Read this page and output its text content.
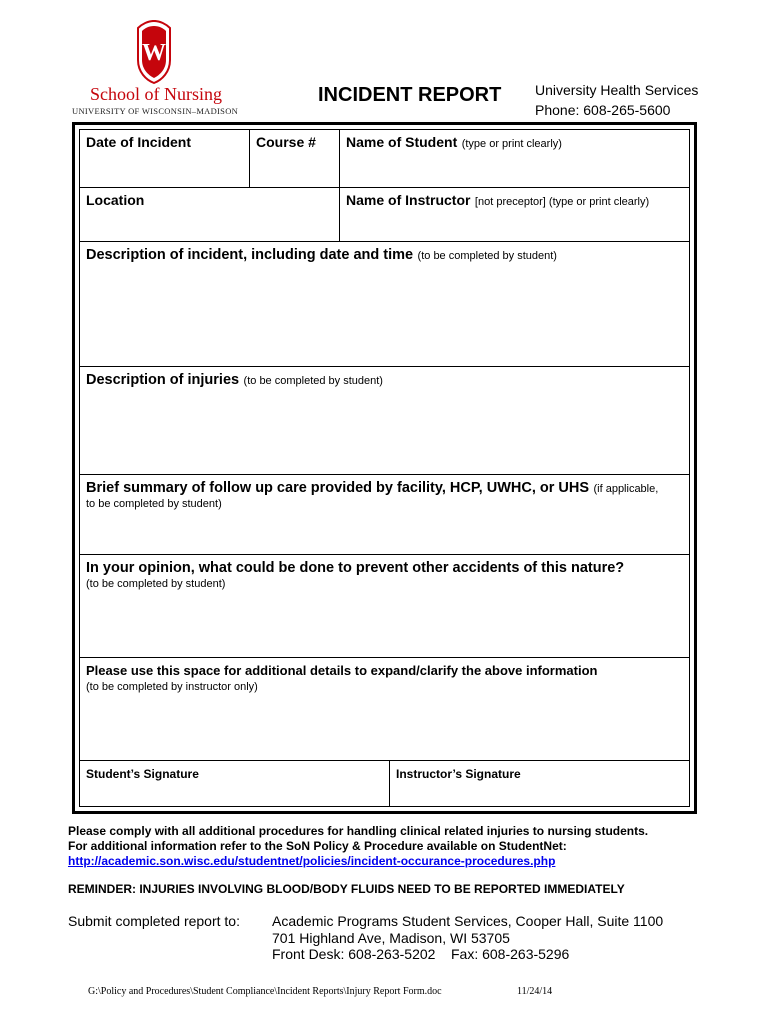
W
School of Nursing
UNIVERSITY OF WISCONSIN–MADISON
INCIDENT REPORT University Health Services
Phone: 608-265-5600
Date of Incident	Course #	Name of Student (type or print clearly)
Location	Name of Instructor [not preceptor] (type or print clearly)
Description of incident, including date and time (to be completed by student)
Description of injuries (to be completed by student)
Brief summary of follow up care provided by facility, HCP, UWHC, or UHS (if applicable,
to be completed by student)
In your opinion, what could be done to prevent other accidents of this nature?
(to be completed by student)
Please use this space for additional details to expand/clarify the above information
(to be completed by instructor only)
Student’s Signature	Instructor’s Signature
Please comply with all additional procedures for handling clinical related injuries to nursing students.
For additional information refer to the SoN Policy & Procedure available on StudentNet:
http://academic.son.wisc.edu/studentnet/policies/incident-occurance-procedures.php
REMINDER: INJURIES INVOLVING BLOOD/BODY FLUIDS NEED TO BE REPORTED IMMEDIATELY
Submit completed report to: Academic Programs Student Services, Cooper Hall, Suite 1100
701 Highland Ave, Madison, WI 53705
Front Desk: 608-263-5202    Fax: 608-263-5296
G:\Policy and Procedures\Student Compliance\Incident Reports\Injury Report Form.doc	11/24/14
